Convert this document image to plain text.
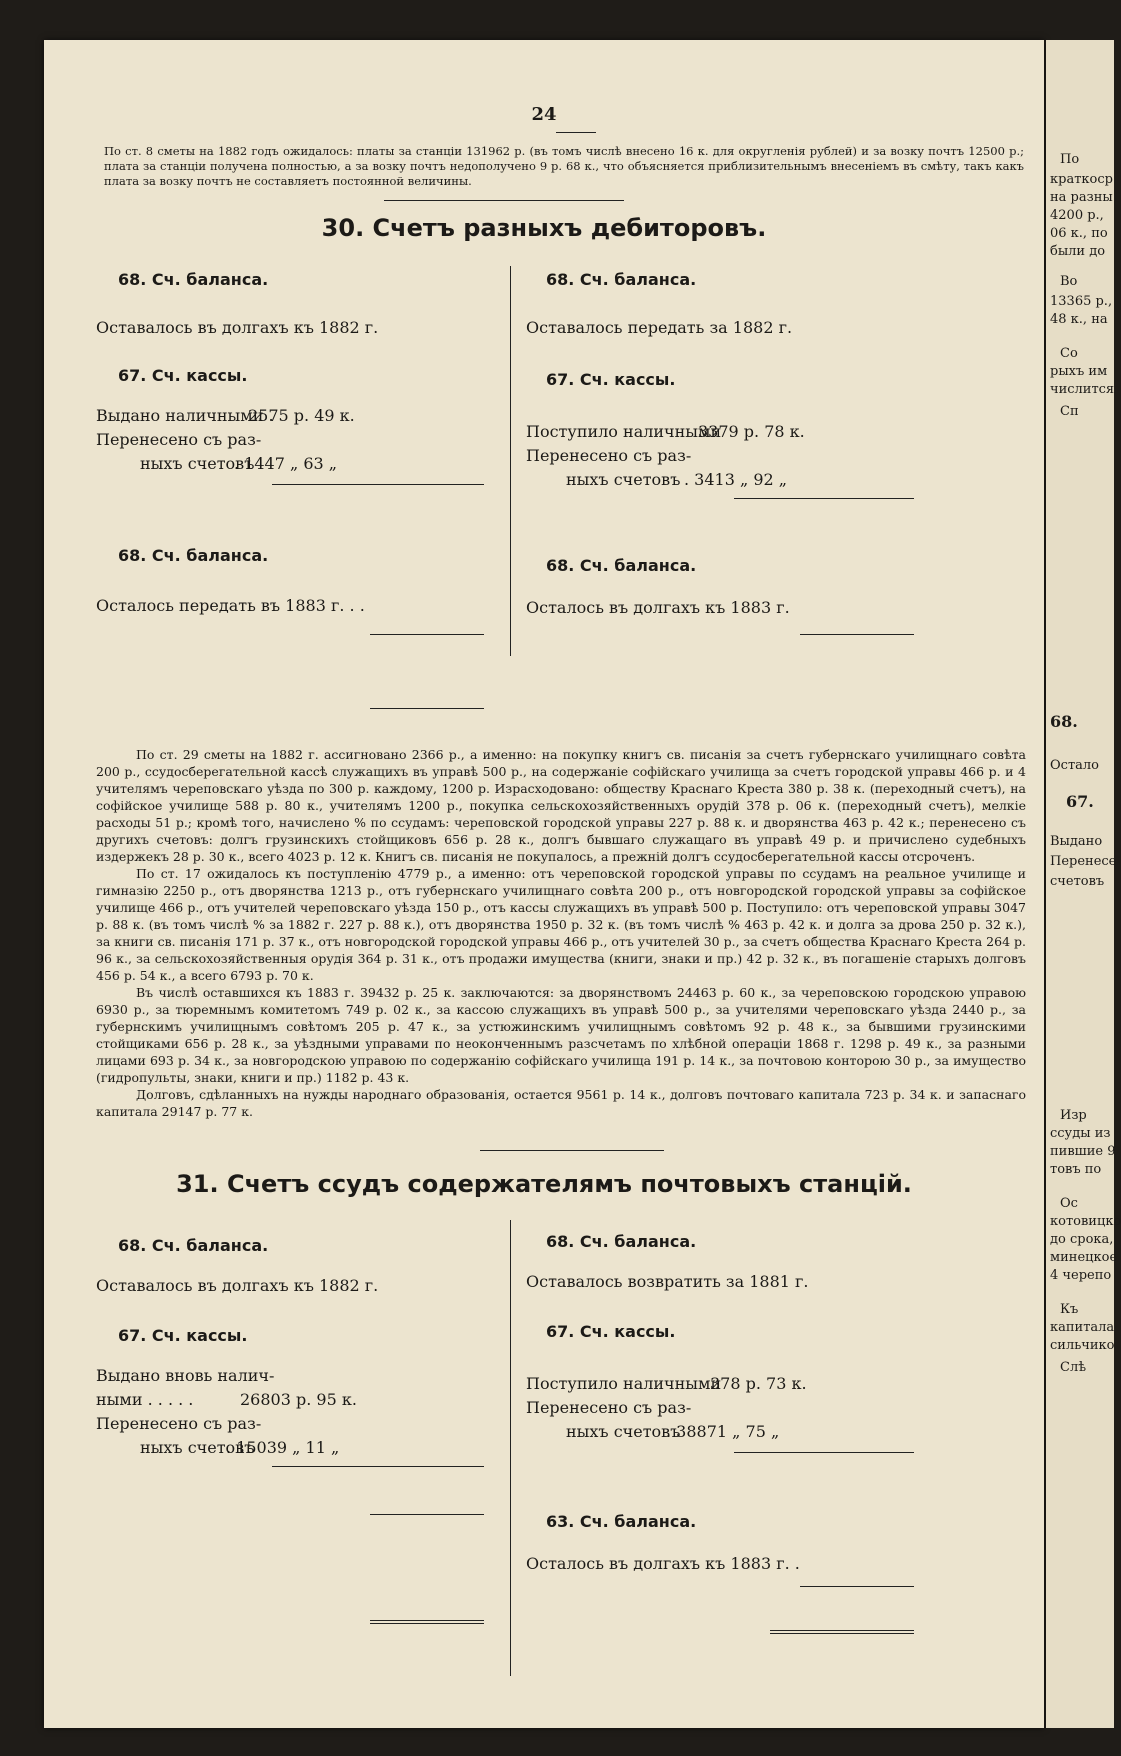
24
По ст. 8 сметы на 1882 годъ ожидалось: платы за станціи 131962 р. (въ томъ числѣ внесено 16 к. для округленія рублей) и за возку почтъ 12500 р.; плата за станціи получена полностью, а за возку почтъ недополучено 9 р. 68 к., что объясняется приблизительнымъ внесеніемъ въ смѣту, такъ какъ плата за возку почтъ не составляетъ постоянной величины.
30. Счетъ разныхъ дебиторовъ.
68. Сч. баланса.
Оставалось въ долгахъ къ 1882 г.
67. Сч. кассы.
Выдано наличными .
2575 р. 49 к.
Перенесено съ раз-
ныхъ счетовъ
. 1447 „ 63 „
68. Сч. баланса.
Осталось передать въ 1883 г. . .
68. Сч. баланса.
Оставалось передать за 1882 г.
67. Сч. кассы.
Поступило наличными
3379 р. 78 к.
Перенесено съ раз-
ныхъ счетовъ . 3413 „ 92 „
68. Сч. баланса.
Осталось въ долгахъ къ 1883 г.

По ст. 29 сметы на 1882 г. ассигновано 2366 р., а именно: на покупку книгъ св. писанія за счетъ губернскаго училищнаго совѣта 200 р., ссудосберегательной кассѣ служащихъ въ управѣ 500 р., на содержаніе софійскаго училища за счетъ городской управы 466 р. и 4 учителямъ череповскаго уѣзда по 300 р. каждому, 1200 р. Израсходовано: обществу Краснаго Креста 380 р. 38 к. (переходный счетъ), на софійское училище 588 р. 80 к., учителямъ 1200 р., покупка сельскохозяйственныхъ орудій 378 р. 06 к. (переходный счетъ), мелкіе расходы 51 р.; кромѣ того, начислено % по ссудамъ: череповской городской управы 227 р. 88 к. и дворянства 463 р. 42 к.; перенесено съ другихъ счетовъ: долгъ грузинскихъ стойщиковъ 656 р. 28 к., долгъ бывшаго служащаго въ управѣ 49 р. и причислено судебныхъ издержекъ 28 р. 30 к., всего 4023 р. 12 к. Книгъ св. писанія не покупалось, а прежній долгъ ссудосберегательной кассы отсроченъ.

По ст. 17 ожидалось къ поступленію 4779 р., а именно: отъ череповской городской управы по ссудамъ на реальное училище и гимназію 2250 р., отъ дворянства 1213 р., отъ губернскаго училищнаго совѣта 200 р., отъ новгородской городской управы за софійское училище 466 р., отъ учителей череповскаго уѣзда 150 р., отъ кассы служащихъ въ управѣ 500 р. Поступило: отъ череповской управы 3047 р. 88 к. (въ томъ числѣ % за 1882 г. 227 р. 88 к.), отъ дворянства 1950 р. 32 к. (въ томъ числѣ % 463 р. 42 к. и долга за дрова 250 р. 32 к.), за книги св. писанія 171 р. 37 к., отъ новгородской городской управы 466 р., отъ учителей 30 р., за счетъ общества Краснаго Креста 264 р. 96 к., за сельскохозяйственныя орудія 364 р. 31 к., отъ продажи имущества (книги, знаки и пр.) 42 р. 32 к., въ погашеніе старыхъ долговъ 456 р. 54 к., а всего 6793 р. 70 к.

Въ числѣ оставшихся къ 1883 г. 39432 р. 25 к. заключаются: за дворянствомъ 24463 р. 60 к., за череповскою городскою управою 6930 р., за тюремнымъ комитетомъ 749 р. 02 к., за кассою служащихъ въ управѣ 500 р., за учителями череповскаго уѣзда 2440 р., за губернскимъ училищнымъ совѣтомъ 205 р. 47 к., за устюжинскимъ училищнымъ совѣтомъ 92 р. 48 к., за бывшими грузинскими стойщиками 656 р. 28 к., за уѣздными управами по неоконченнымъ разсчетамъ по хлѣбной операціи 1868 г. 1298 р. 49 к., за разными лицами 693 р. 34 к., за новгородскою управою по содержанію софійскаго училища 191 р. 14 к., за почтовою конторою 30 р., за имущество (гидропульты, знаки, книги и пр.) 1182 р. 43 к.

Долговъ, сдѣланныхъ на нужды народнаго образованія, остается 9561 р. 14 к., долговъ почтоваго капитала 723 р. 34 к. и запаснаго капитала 29147 р. 77 к.

31. Счетъ ссудъ содержателямъ почтовыхъ станцій.
68. Сч. баланса.
Оставалось въ долгахъ къ 1882 г.
67. Сч. кассы.
Выдано вновь налич-
ными . . . . .	26803 р. 95 к.
Перенесено съ раз-
ныхъ счетовъ
. 15039 „ 11 „
68. Сч. баланса.
Оставалось возвратить за 1881 г.
67. Сч. кассы.
Поступило наличными
378 р. 73 к.
Перенесено съ раз-
ныхъ счетовъ
. 38871 „ 75 „
63. Сч. баланса.
Осталось въ долгахъ къ 1883 г. .
По
краткоср
на разны
4200 р.,
06 к., по
были до
Во
13365 р.,
48 к., на
Со
рыхъ им
числится
Сп
68.
Остало
67.
Выдано
Перенесе
счетовъ
Изр
ссуды из
пившие 9
товъ по
Ос
котовицко
до срока,
минецкое
4 черепо
Къ
капитала
сильчико
Слѣ
